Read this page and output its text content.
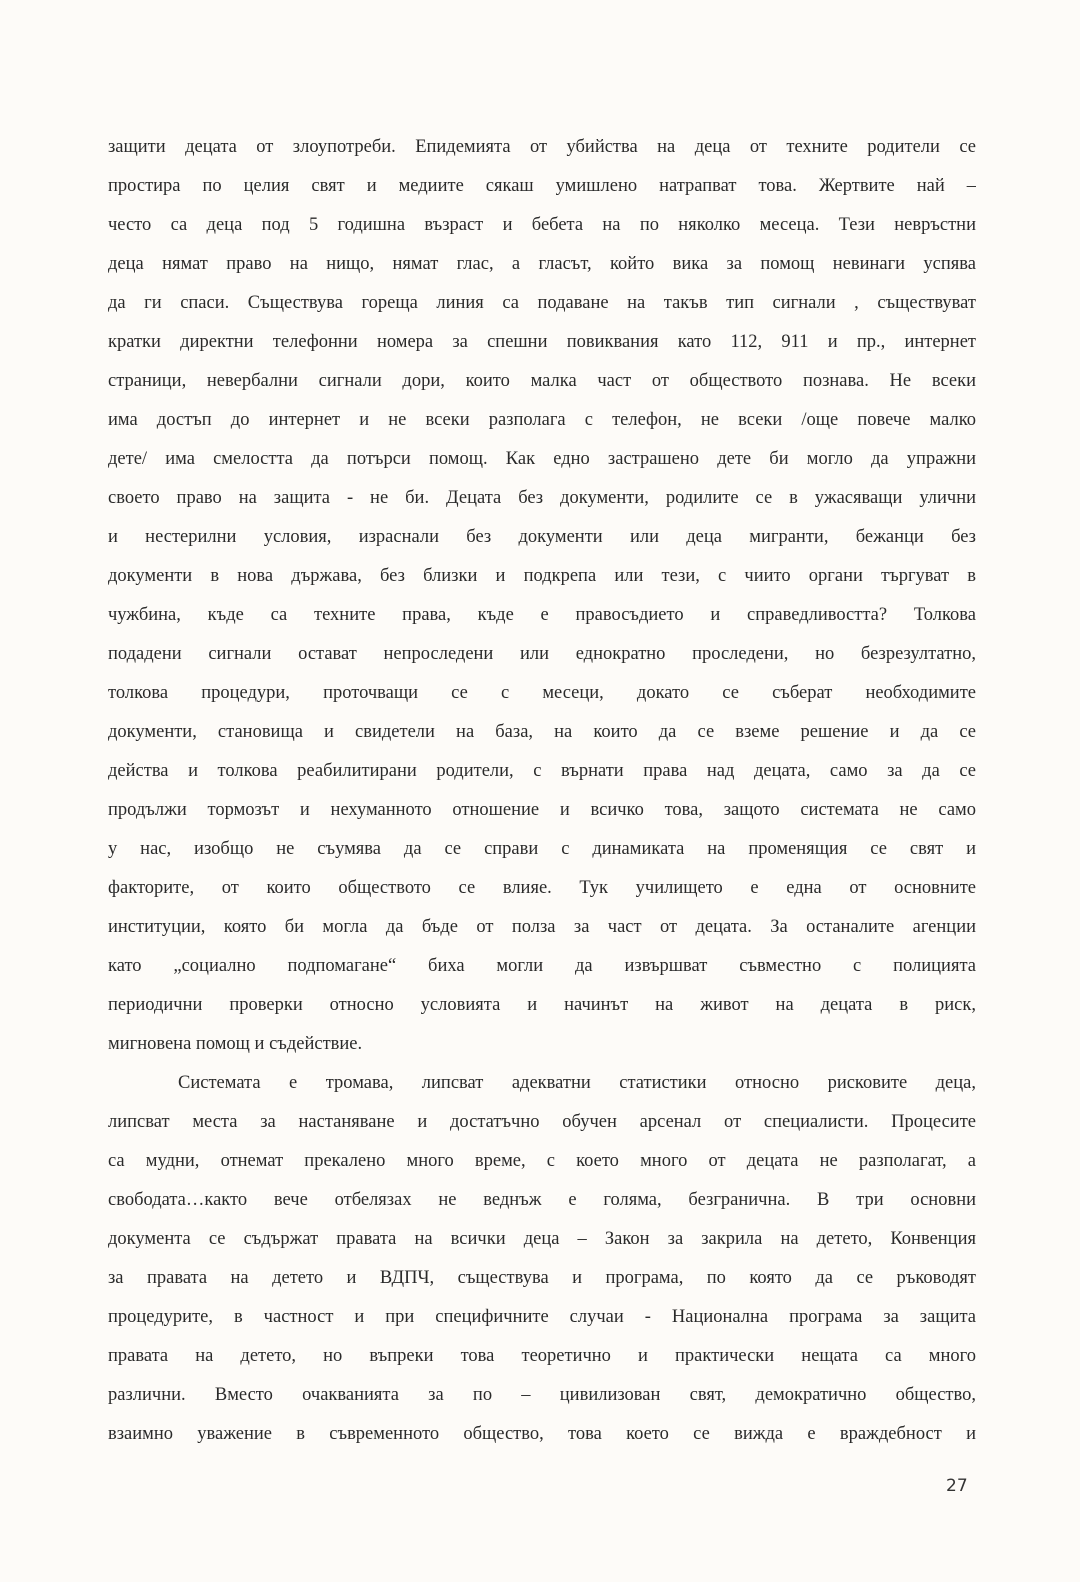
защити децата от злоупотреби. Епидемията от убийства на деца от техните родители се
простира по целия свят и медиите сякаш умишлено натрапват това. Жертвите най –
често са деца под 5 годишна възраст и бебета на по няколко месеца. Тези невръстни
деца нямат право на нищо, нямат глас, а гласът, който вика за помощ невинаги успява
да ги спаси. Съществува гореща линия са подаване на такъв тип сигнали , съществуват
кратки директни телефонни номера за спешни повиквания като 112, 911 и пр., интернет
страници, невербални сигнали дори, които малка част от обществото познава. Не всеки
има достъп до интернет и не всеки разполага с телефон, не всеки /още повече малко
дете/ има смелостта да потърси помощ. Как едно застрашено дете би могло да упражни
своето право на защита - не би. Децата без документи, родилите се в ужасяващи улични
и нестерилни условия, израснали без документи или деца мигранти, бежанци без
документи в нова държава, без близки и подкрепа или тези, с чиито органи търгуват в
чужбина, къде са техните права, къде е правосъдието и справедливостта? Толкова
подадени сигнали остават непроследени или еднократно проследени, но безрезултатно,
толкова процедури, проточващи се с месеци, докато се съберат необходимите
документи, становища и свидетели на база, на които да се вземе решение и да се
действа и толкова реабилитирани родители, с върнати права над децата, само за да се
продължи тормозът и нехуманното отношение и всичко това, защото системата не само
у нас, изобщо не съумява да се справи с динамиката на променящия се свят и
факторите, от които обществото се влияе. Тук училището е една от основните
институции, която би могла да бъде от полза за част от децата. За останалите агенции
като „социално подпомагане“ биха могли да извършват съвместно с полицията
периодични проверки относно условията и начинът на живот на децата в риск,
мигновена помощ и съдействие.
Системата е тромава, липсват адекватни статистики относно рисковите деца,
липсват места за настаняване и достатъчно обучен арсенал от специалисти. Процесите
са мудни, отнемат прекалено много време, с което много от децата не разполагат, а
свободата…както вече отбелязах не веднъж е голяма, безгранична. В три основни
документа се съдържат правата на всички деца – Закон за закрила на детето, Конвенция
за правата на детето и ВДПЧ, съществува и програма, по която да се ръководят
процедурите, в частност и при специфичните случаи - Национална програма за защита
правата на детето, но въпреки това теоретично и практически нещата са много
различни. Вместо очакванията за по – цивилизован свят, демократично общество,
взаимно уважение в съвременното общество, това което се вижда е враждебност и
27
